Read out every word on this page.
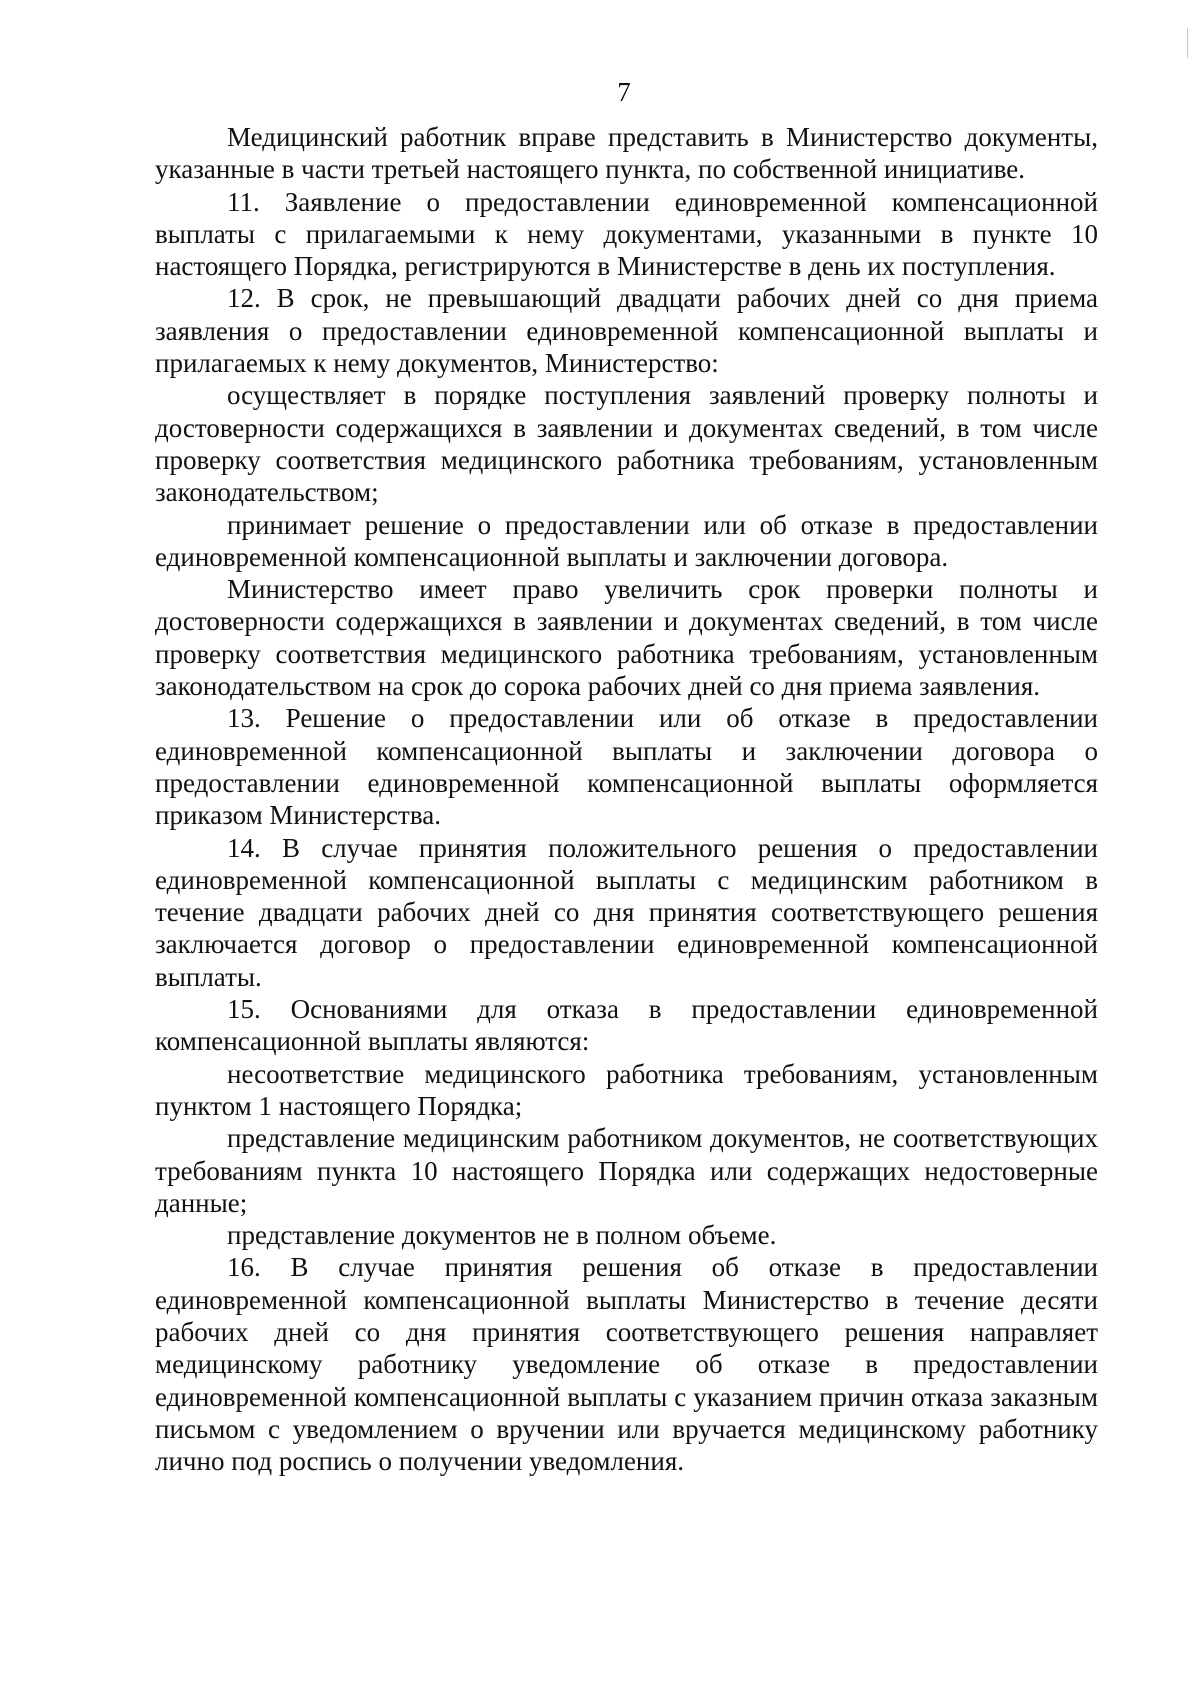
7

Медицинский работник вправе представить в Министерство документы, указанные в части третьей настоящего пункта, по собственной инициативе.

11. Заявление о предоставлении единовременной компенсационной выплаты с прилагаемыми к нему документами, указанными в пункте 10 настоящего Порядка, регистрируются в Министерстве в день их поступления.

12. В срок, не превышающий двадцати рабочих дней со дня приема заявления о предоставлении единовременной компенсационной выплаты и прилагаемых к нему документов, Министерство:

осуществляет в порядке поступления заявлений проверку полноты и достоверности содержащихся в заявлении и документах сведений, в том числе проверку соответствия медицинского работника требованиям, установленным законодательством;

принимает решение о предоставлении или об отказе в предоставлении единовременной компенсационной выплаты и заключении договора.

Министерство имеет право увеличить срок проверки полноты и достоверности содержащихся в заявлении и документах сведений, в том числе проверку соответствия медицинского работника требованиям, установленным законодательством на срок до сорока рабочих дней со дня приема заявления.

13. Решение о предоставлении или об отказе в предоставлении единовременной компенсационной выплаты и заключении договора о предоставлении единовременной компенсационной выплаты оформляется приказом Министерства.

14. В случае принятия положительного решения о предоставлении единовременной компенсационной выплаты с медицинским работником в течение двадцати рабочих дней со дня принятия соответствующего решения заключается договор о предоставлении единовременной компенсационной выплаты.

15. Основаниями для отказа в предоставлении единовременной компенсационной выплаты являются:

несоответствие медицинского работника требованиям, установленным пунктом 1 настоящего Порядка;

представление медицинским работником документов, не соответствующих требованиям пункта 10 настоящего Порядка или содержащих недостоверные данные;

представление документов не в полном объеме.

16. В случае принятия решения об отказе в предоставлении единовременной компенсационной выплаты Министерство в течение десяти рабочих дней со дня принятия соответствующего решения направляет медицинскому работнику уведомление об отказе в предоставлении единовременной компенсационной выплаты с указанием причин отказа заказным письмом с уведомлением о вручении или вручается медицинскому работнику лично под роспись о получении уведомления.
